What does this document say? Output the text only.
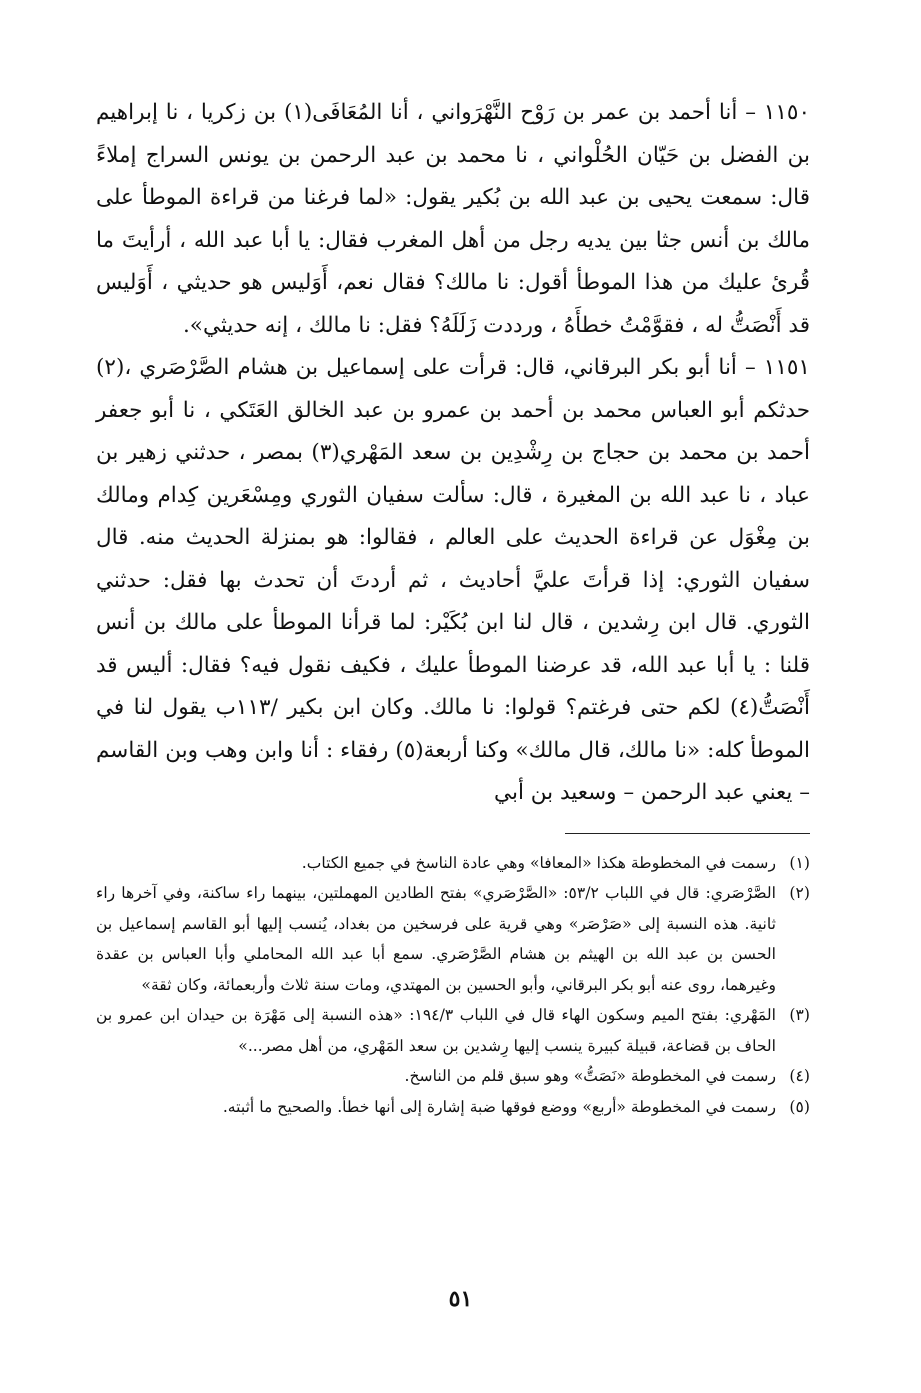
١١٥٠ – أنا أحمد بن عمر بن رَوْح النَّهْرَواني ، أنا المُعَافَى(١) بن زكريا ، نا إبراهيم بن الفضل بن حَيّان الحُلْواني ، نا محمد بن عبد الرحمن بن يونس السراج إملاءً قال: سمعت يحيى بن عبد الله بن بُكير يقول: «لما فرغنا من قراءة الموطأ على مالك بن أنس جثا بين يديه رجل من أهل المغرب فقال: يا أبا عبد الله ، أرأيتَ ما قُرئ عليك من هذا الموطأ أقول: نا مالك؟ فقال نعم، أَوَليس هو حديثي ، أَوَليس قد أَنْصَتُّ له ، فقوَّمْتُ خطأَهُ ، ورددت زَلَلَهُ؟ فقل: نا مالك ، إنه حديثي».

١١٥١ – أنا أبو بكر البرقاني، قال: قرأت على إسماعيل بن هشام الصَّرْصَري ،(٢) حدثكم أبو العباس محمد بن أحمد بن عمرو بن عبد الخالق العَتَكي ، نا أبو جعفر أحمد بن محمد بن حجاج بن رِشْدِين بن سعد المَهْري(٣) بمصر ، حدثني زهير بن عباد ، نا عبد الله بن المغيرة ، قال: سألت سفيان الثوري ومِسْعَرين كِدام ومالك بن مِغْوَل عن قراءة الحديث على العالم ، فقالوا: هو بمنزلة الحديث منه. قال سفيان الثوري: إذا قرأتَ عليَّ أحاديث ، ثم أردتَ أن تحدث بها فقل: حدثني الثوري. قال ابن رِشدين ، قال لنا ابن بُكَيْر: لما قرأنا الموطأ على مالك بن أنس قلنا : يا أبا عبد الله، قد عرضنا الموطأ عليك ، فكيف نقول فيه؟ فقال: أليس قد أَنْصَتُّ(٤) لكم حتى فرغتم؟ قولوا: نا مالك. وكان ابن بكير /١١٣ب يقول لنا في الموطأ كله: «نا مالك، قال مالك» وكنا أربعة(٥) رفقاء : أنا وابن وهب وبن القاسم – يعني عبد الرحمن – وسعيد بن أبي

(١)
رسمت في المخطوطة هكذا «المعافا» وهي عادة الناسخ في جميع الكتاب.
(٢)
الصَّرْصَري: قال في اللباب ٥٣/٢: «الصَّرْصَري» بفتح الطادين المهملتين، بينهما راء ساكنة، وفي آخرها راء ثانية. هذه النسبة إلى «صَرْصَر» وهي قرية على فرسخين من بغداد، يُنسب إليها أبو القاسم إسماعيل بن الحسن بن عبد الله بن الهيثم بن هشام الصَّرْصَري. سمع أبا عبد الله المحاملي وأبا العباس بن عقدة وغيرهما، روى عنه أبو بكر البرقاني، وأبو الحسين بن المهتدي، ومات سنة ثلاث وأربعمائة، وكان ثقة»
(٣)
المَهْري: بفتح الميم وسكون الهاء قال في اللباب ١٩٤/٣: «هذه النسبة إلى مَهْرَة بن حيدان ابن عمرو بن الحاف بن قضاعة، قبيلة كبيرة ينسب إليها رِشدين بن سعد المَهْري، من أهل مصر...»
(٤)
رسمت في المخطوطة «نَصَتُّ» وهو سبق قلم من الناسخ.
(٥)
رسمت في المخطوطة «أربع» ووضع فوقها ضبة إشارة إلى أنها خطأ. والصحيح ما أثبته.
٥١
